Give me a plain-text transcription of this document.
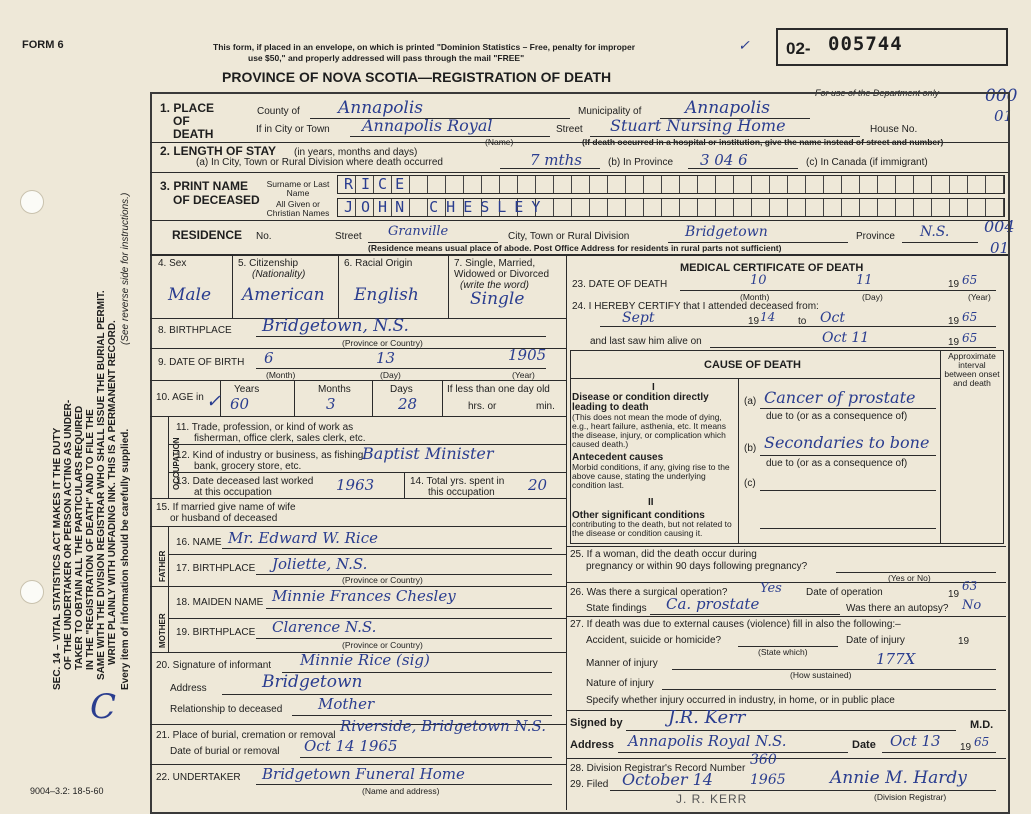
FORM 6	This form, if placed in an envelope, on which is printed "Dominion Statistics – Free, penalty for improper
use $50," and properly addressed will pass through the mail "FREE"
PROVINCE OF NOVA SCOTIA—REGISTRATION OF DEATH
02- 005744
✓
For use of the Department only	000
01
004
01
SEC. 14 – VITAL STATISTICS ACT MAKES IT THE DUTY OF THE UNDERTAKER OR PERSON ACTING AS UNDER- TAKER TO OBTAIN ALL THE PARTICULARS REQUIRED IN THE "REGISTRATION OF DEATH" AND TO FILE THE SAME WITH THE DIVISION REGISTRAR WHO SHALL ISSUE THE BURIAL PERMIT. WRITE PLAINLY WITH UNFADING INK. THIS IS A PERMANENT RECORD.
(See reverse side for instructions.)
Every item of information should be carefully supplied.
C
1. PLACE
OF
DEATH
County of Annapolis	Municipality of	Annapolis
If in City or Town Annapolis Royal
(Name)
Street Stuart Nursing Home	House No.
(If death occurred in a hospital or institution, give the name instead of street and number)
2. LENGTH OF STAY (in years, months and days)
(a) In City, Town or Rural Division where death occurred	7 mths	(b) In Province 3 04 6	(c) In Canada (if immigrant)
3. PRINT NAME
OF DECEASED
Surname or Last Name
All Given or Christian Names
RICE
JOHN CHESLEY
RESIDENCE No.	Street Granville	City, Town or Rural Division	Bridgetown	Province N.S.
(Residence means usual place of abode. Post Office Address for residents in rural parts not sufficient)
4. Sex
Male
5. Citizenship
(Nationality)
American
6. Racial Origin
English
7. Single, Married, Widowed or Divorced
(write the word)
Single
8. BIRTHPLACE Bridgetown, N.S.
(Province or Country)
9. DATE OF BIRTH 6	13	1905
(Month)	(Day)	(Year)
10. AGE in
Years	Months	Days
60	3	28
✓
If less than one day old
hrs. or	min.
OCCUPATION
11. Trade, profession, or kind of work as
fisherman, office clerk, sales clerk, etc.
12. Kind of industry or business, as fishing,
bank, grocery store, etc.
Baptist Minister
13. Date deceased last worked
at this occupation	1963	14. Total yrs. spent in
this occupation 20
15. If married give name of wife
or husband of deceased
FATHER
16. NAME Mr. Edward W. Rice
17. BIRTHPLACE Joliette, N.S.
(Province or Country)
MOTHER
18. MAIDEN NAME Minnie Frances Chesley
19. BIRTHPLACE Clarence N.S.
(Province or Country)
20. Signature of informant Minnie Rice (sig)
Address	Bridgetown
Relationship to deceased Mother
21. Place of burial, cremation or removal
Riverside, Bridgetown N.S.
Date of burial or removal Oct 14 1965
22. UNDERTAKER Bridgetown Funeral Home
(Name and address)
9004–3.2: 18-5-60
MEDICAL CERTIFICATE OF DEATH
23. DATE OF DEATH	10	11	19 65
(Month)	(Day)	(Year)
24. I HEREBY CERTIFY that I attended deceased from:
Sept	19 14 to Oct	19 65
and last saw him alive on	Oct 11	19 65
CAUSE OF DEATH
Approximate interval between onset and death
I
Disease or condition directly leading to death
(This does not mean the mode of dying, e.g., heart failure, asthenia, etc. It means the disease, injury, or complication which caused death.)
(a) Cancer of prostate
due to (or as a consequence of)
Antecedent causes
Morbid conditions, if any, giving rise to the above cause, stating the underlying condition last.
(b) Secondaries to bone
due to (or as a consequence of)
(c)
II
Other significant conditions
contributing to the death, but not related to the disease or condition causing it.
25. If a woman, did the death occur during
pregnancy or within 90 days following pregnancy?
(Yes or No)
26. Was there a surgical operation?	Yes Date of operation	19
63
State findings Ca. prostate	Was there an autopsy? No
27. If death was due to external causes (violence) fill in also the following:–
Accident, suicide or homicide?	Date of injury	19
(State which)
Manner of injury	177X
(How sustained)
Nature of injury
Specify whether injury occurred in industry, in home, or in public place
Signed by	J.R. Kerr	M.D.
Address Annapolis Royal N.S.	Date Oct 13 19 65
28. Division Registrar's Record Number
360
29. Filed October 14	1965	Annie M. Hardy
(Division Registrar)
J. R. KERR
